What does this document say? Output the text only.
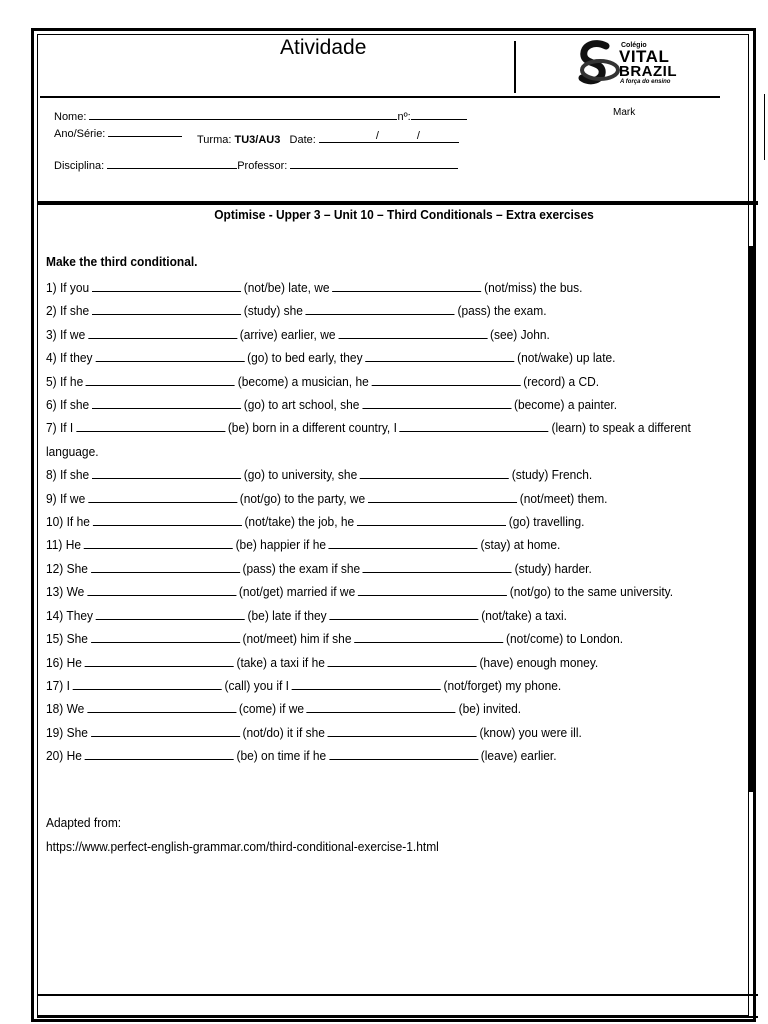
Atividade	Colégio
VITAL
BRAZIL
A força do ensino
Mark
Nome:	nº:
Ano/Série:	Turma: TU3/AU3 Date:	/	/
Disciplina:	Professor:
Optimise - Upper 3 – Unit 10 – Third Conditionals – Extra exercises
Make the third conditional.
1) If you	(not/be) late, we	(not/miss) the bus.
2) If she	(study) she	(pass) the exam.
3) If we	(arrive) earlier, we	(see) John.
4) If they	(go) to bed early, they	(not/wake) up late.
5) If he	(become) a musician, he	(record) a CD.
6) If she	(go) to art school, she	(become) a painter.
7) If I	(be) born in a different country, I	(learn) to speak a different
language.
8) If she	(go) to university, she	(study) French.
9) If we	(not/go) to the party, we	(not/meet) them.
10) If he	(not/take) the job, he	(go) travelling.
11) He	(be) happier if he	(stay) at home.
12) She	(pass) the exam if she	(study) harder.
13) We	(not/get) married if we	(not/go) to the same university.
14) They	(be) late if they	(not/take) a taxi.
15) She	(not/meet) him if she	(not/come) to London.
16) He	(take) a taxi if he	(have) enough money.
17) I	(call) you if I	(not/forget) my phone.
18) We	(come) if we	(be) invited.
19) She	(not/do) it if she	(know) you were ill.
20) He	(be) on time if he	(leave) earlier.
Adapted from:
https://www.perfect-english-grammar.com/third-conditional-exercise-1.html
